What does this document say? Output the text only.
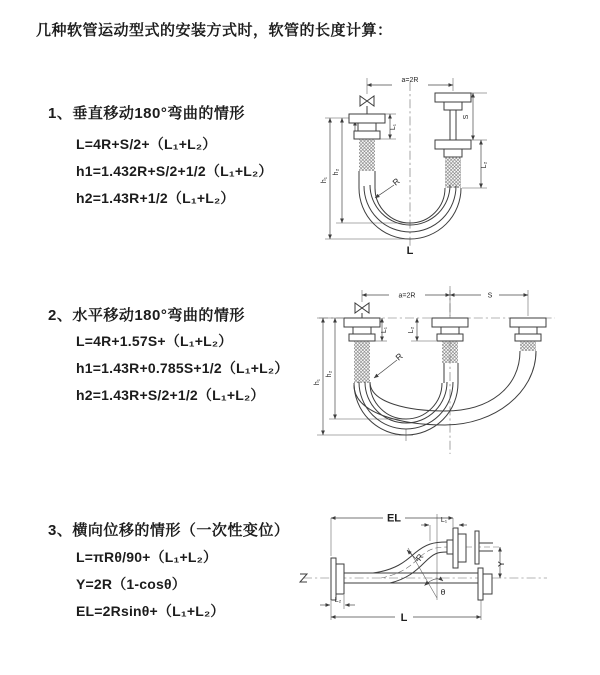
几种软管运动型式的安装方式时，软管的长度计算：
1、垂直移动180°弯曲的情形
L=4R+S/2+（L₁+L₂）
h1=1.432R+S/2+1/2（L₁+L₂）
h2=1.43R+1/2（L₁+L₂）
2、水平移动180°弯曲的情形
L=4R+1.57S+（L₁+L₂）
h1=1.43R+0.785S+1/2（L₁+L₂）
h2=1.43R+S/2+1/2（L₁+L₂）
3、横向位移的情形（一次性变位）
L=πRθ/90+（L₁+L₂）
Y=2R（1-cosθ）
EL=2Rsinθ+（L₁+L₂）
a=2R
h₁
h₂
L₁
S
L₂
R
L
a=2R	S
h₁
h₂
L₁	L₂
R
EL	L₁
L₂
Y
R
θ
L
